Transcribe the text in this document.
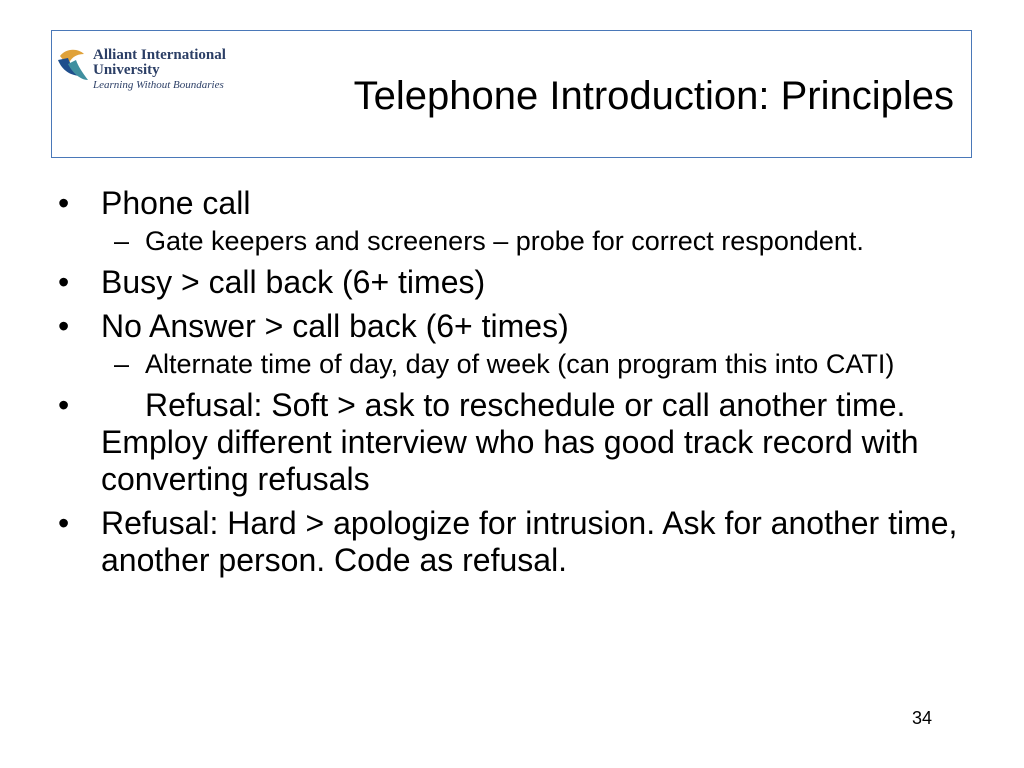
Alliant International
University
Learning Without Boundaries	Telephone Introduction: Principles
• Phone call
– Gate keepers and screeners – probe for correct respondent.
• Busy > call back (6+ times)
• No Answer > call back (6+ times)
– Alternate time of day, day of week (can program this into CATI)
•	Refusal: Soft > ask to reschedule or call another time. Employ different interview who has good track record with converting refusals
• Refusal: Hard > apologize for intrusion. Ask for another time, another person. Code as refusal.
34
